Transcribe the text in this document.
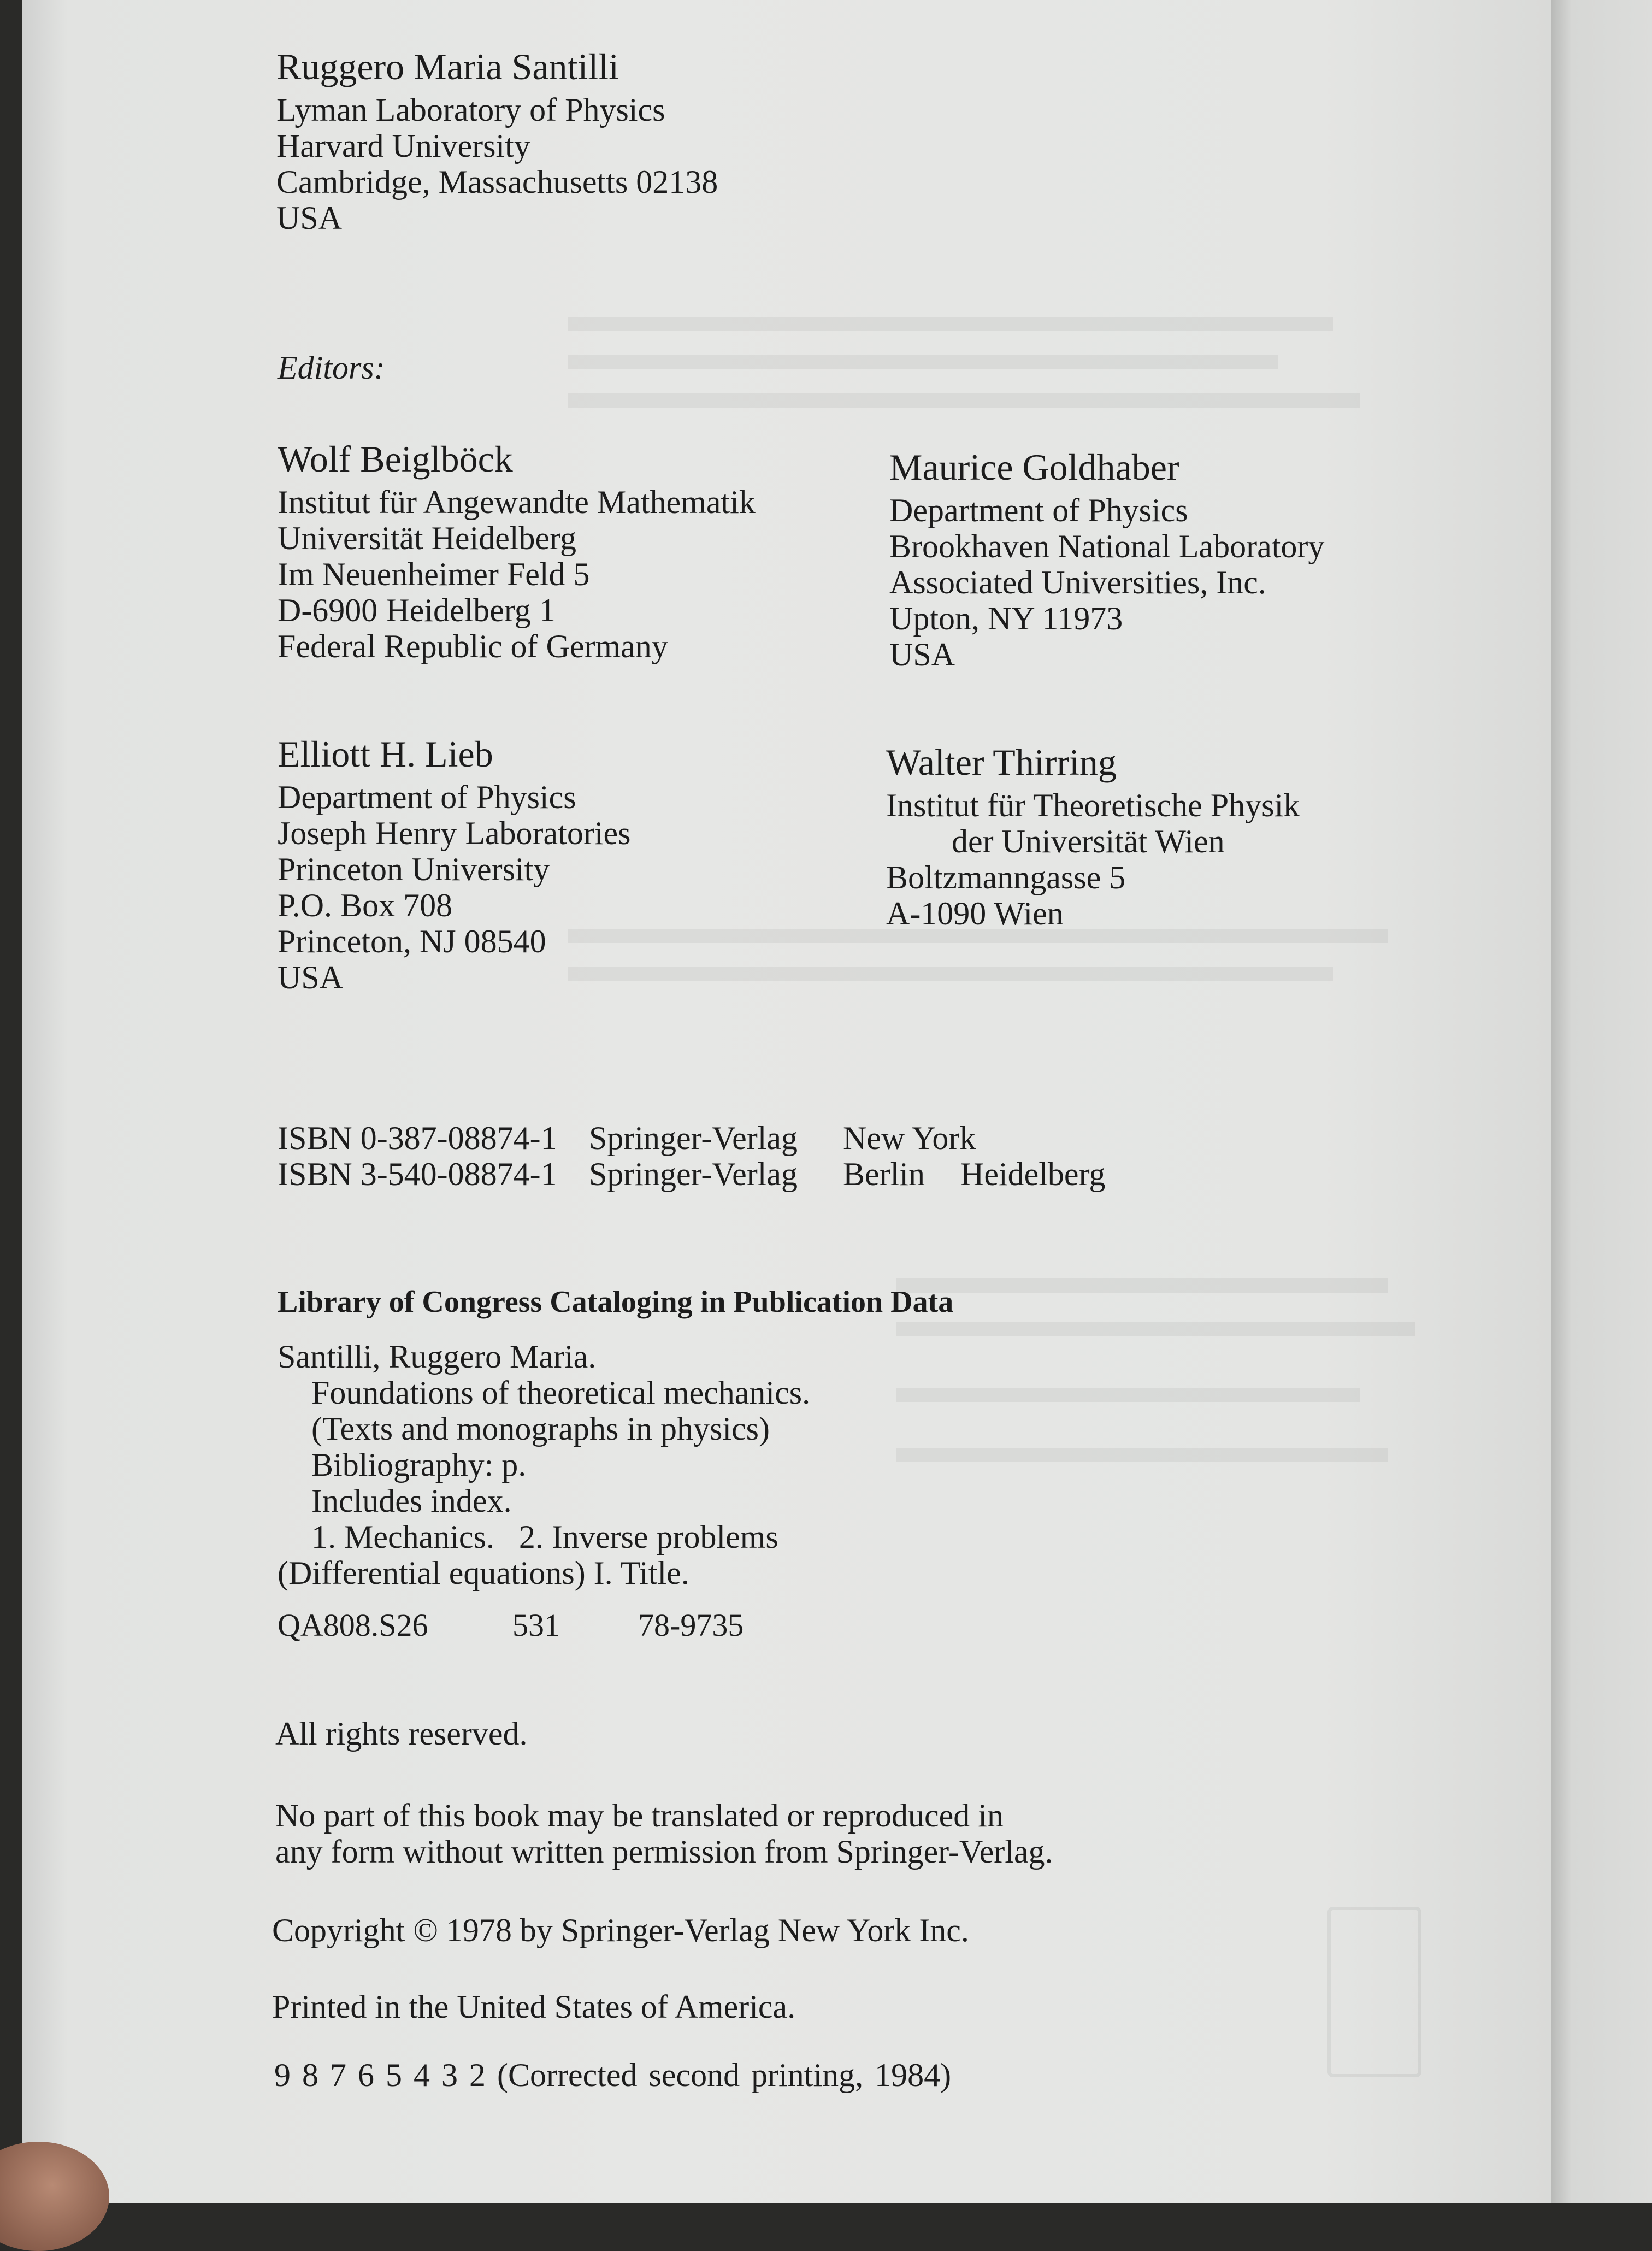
Ruggero Maria Santilli
Lyman Laboratory of Physics
Harvard University
Cambridge, Massachusetts 02138
USA
Editors:
Wolf Beiglböck
Institut für Angewandte Mathematik
Universität Heidelberg
Im Neuenheimer Feld 5
D-6900 Heidelberg 1
Federal Republic of Germany
Maurice Goldhaber
Department of Physics
Brookhaven National Laboratory
Associated Universities, Inc.
Upton, NY 11973
USA
Elliott H. Lieb
Department of Physics
Joseph Henry Laboratories
Princeton University
P.O. Box 708
Princeton, NJ 08540
USA
Walter Thirring
Institut für Theoretische Physik
der Universität Wien
Boltzmanngasse 5
A-1090 Wien
ISBN 0-387-08874-1 Springer-Verlag	New York
ISBN 3-540-08874-1 Springer-Verlag	Berlin	Heidelberg
Library of Congress Cataloging in Publication Data
Santilli, Ruggero Maria.
Foundations of theoretical mechanics.
(Texts and monographs in physics)
Bibliography: p.
Includes index.
1. Mechanics.   2. Inverse problems
(Differential equations) I. Title.
QA808.S26	531	78-9735
All rights reserved.
No part of this book may be translated or reproduced in
any form without written permission from Springer-Verlag.
Copyright © 1978 by Springer-Verlag New York Inc.
Printed in the United States of America.
9 8 7 6 5 4 3 2 (Corrected second printing, 1984)
